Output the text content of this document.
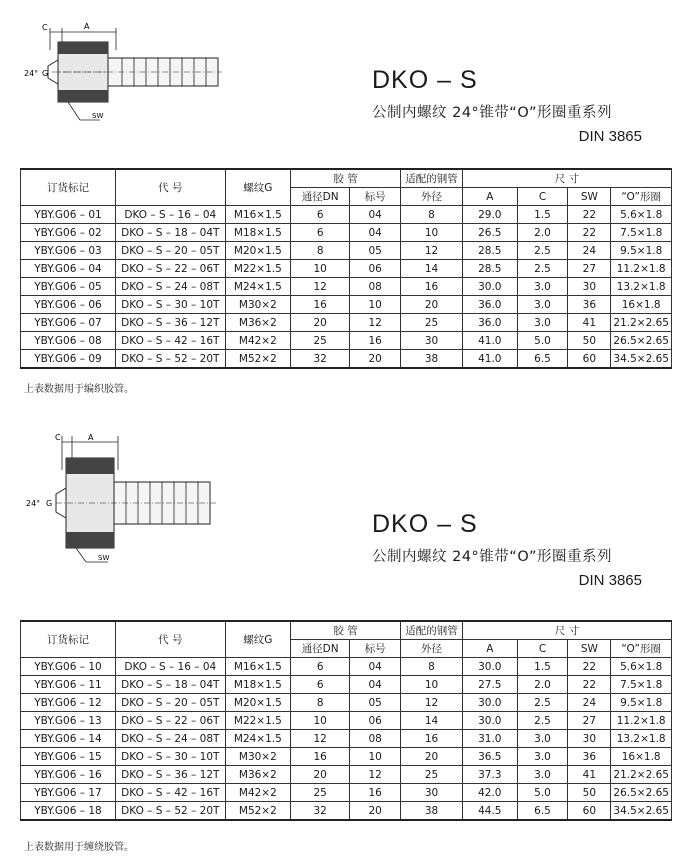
C	A
24° G
SW
DKO – S
公制内螺纹 24°锥带“O”形圈重系列
DIN 3865
订货标记	代 号	螺纹G	胶 管		适配的钢管	尺 寸			
			通径DN	标号	外径	A	C	SW	“O”形圈
YBY.G06 – 01	DKO – S – 16 – 04	M16×1.5	6	04	8	29.0	1.5	22	5.6×1.8
YBY.G06 – 02	DKO – S – 18 – 04T	M18×1.5	6	04	10	26.5	2.0	22	7.5×1.8
YBY.G06 – 03	DKO – S – 20 – 05T	M20×1.5	8	05	12	28.5	2.5	24	9.5×1.8
YBY.G06 – 04	DKO – S – 22 – 06T	M22×1.5	10	06	14	28.5	2.5	27	11.2×1.8
YBY.G06 – 05	DKO – S – 24 – 08T	M24×1.5	12	08	16	30.0	3.0	30	13.2×1.8
YBY.G06 – 06	DKO – S – 30 – 10T	M30×2	16	10	20	36.0	3.0	36	16×1.8
YBY.G06 – 07	DKO – S – 36 – 12T	M36×2	20	12	25	36.0	3.0	41	21.2×2.65
YBY.G06 – 08	DKO – S – 42 – 16T	M42×2	25	16	30	41.0	5.0	50	26.5×2.65
YBY.G06 – 09	DKO – S – 52 – 20T	M52×2	32	20	38	41.0	6.5	60	34.5×2.65
上表数据用于编织胶管。
C	A
24° G
SW
DKO – S
公制内螺纹 24°锥带“O”形圈重系列
DIN 3865
订货标记	代 号	螺纹G	胶 管		适配的钢管	尺 寸			
			通径DN	标号	外径	A	C	SW	“O”形圈
YBY.G06 – 10	DKO – S – 16 – 04	M16×1.5	6	04	8	30.0	1.5	22	5.6×1.8
YBY.G06 – 11	DKO – S – 18 – 04T	M18×1.5	6	04	10	27.5	2.0	22	7.5×1.8
YBY.G06 – 12	DKO – S – 20 – 05T	M20×1.5	8	05	12	30.0	2.5	24	9.5×1.8
YBY.G06 – 13	DKO – S – 22 – 06T	M22×1.5	10	06	14	30.0	2.5	27	11.2×1.8
YBY.G06 – 14	DKO – S – 24 – 08T	M24×1.5	12	08	16	31.0	3.0	30	13.2×1.8
YBY.G06 – 15	DKO – S – 30 – 10T	M30×2	16	10	20	36.5	3.0	36	16×1.8
YBY.G06 – 16	DKO – S – 36 – 12T	M36×2	20	12	25	37.3	3.0	41	21.2×2.65
YBY.G06 – 17	DKO – S – 42 – 16T	M42×2	25	16	30	42.0	5.0	50	26.5×2.65
YBY.G06 – 18	DKO – S – 52 – 20T	M52×2	32	20	38	44.5	6.5	60	34.5×2.65
上表数据用于缠绕胶管。
